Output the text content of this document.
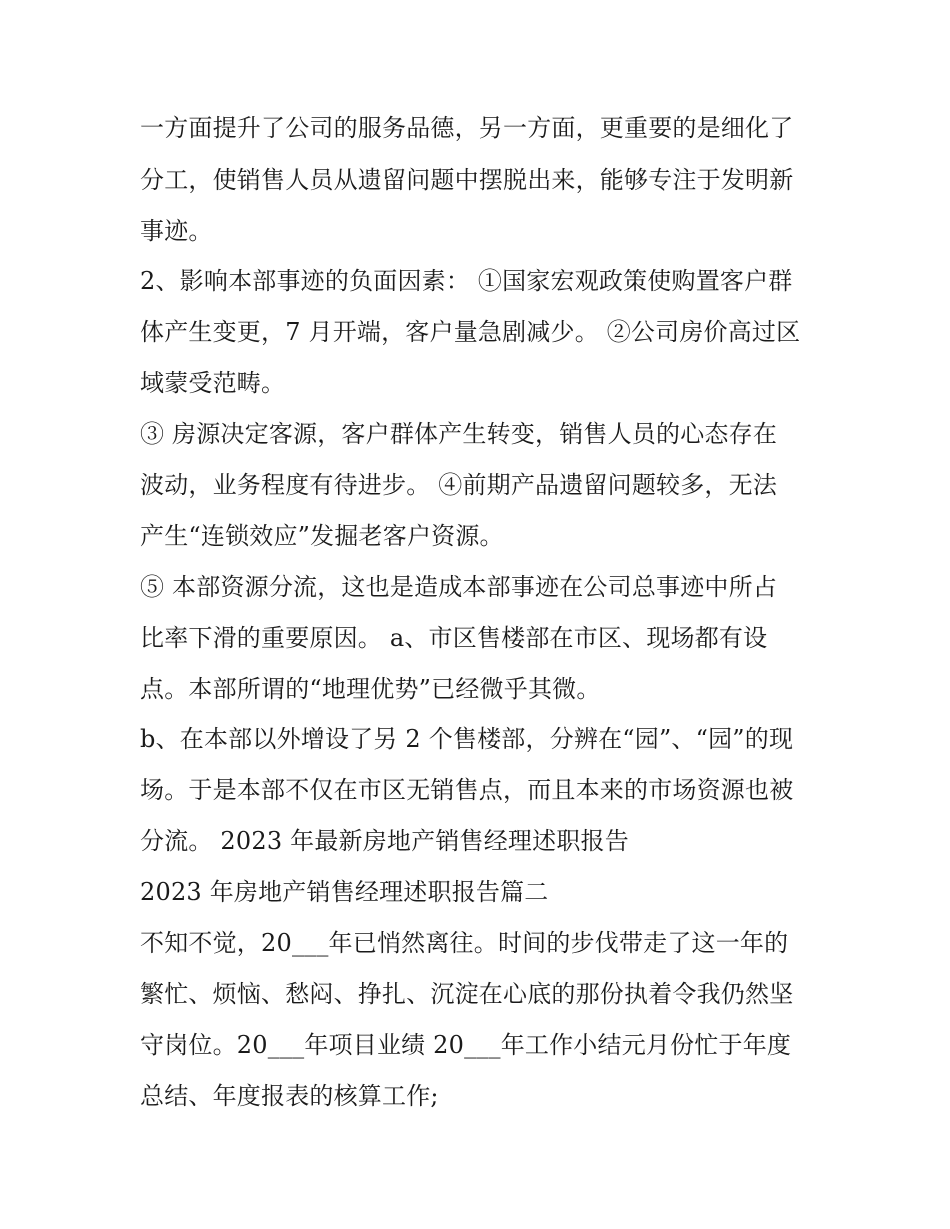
一方面提升了公司的服务品德，另一方面，更重要的是细化了
分工，使销售人员从遗留问题中摆脱出来，能够专注于发明新
事迹。
2、影响本部事迹的负面因素： ①国家宏观政策使购置客户群
体产生变更，7 月开端，客户量急剧减少。 ②公司房价高过区
域蒙受范畴。
③ 房源决定客源，客户群体产生转变，销售人员的心态存在
波动，业务程度有待进步。 ④前期产品遗留问题较多，无法
产生“连锁效应”发掘老客户资源。
⑤ 本部资源分流，这也是造成本部事迹在公司总事迹中所占
比率下滑的重要原因。 a、市区售楼部在市区、现场都有设
点。本部所谓的“地理优势”已经微乎其微。
b、在本部以外增设了另 2 个售楼部，分辨在“园”、“园”的现
场。于是本部不仅在市区无销售点，而且本来的市场资源也被
分流。 2023 年最新房地产销售经理述职报告
2023 年房地产销售经理述职报告篇二
不知不觉，20___年已悄然离往。时间的步伐带走了这一年的
繁忙、烦恼、愁闷、挣扎、沉淀在心底的那份执着令我仍然坚
守岗位。20___年项目业绩 20___年工作小结元月份忙于年度
总结、年度报表的核算工作;
